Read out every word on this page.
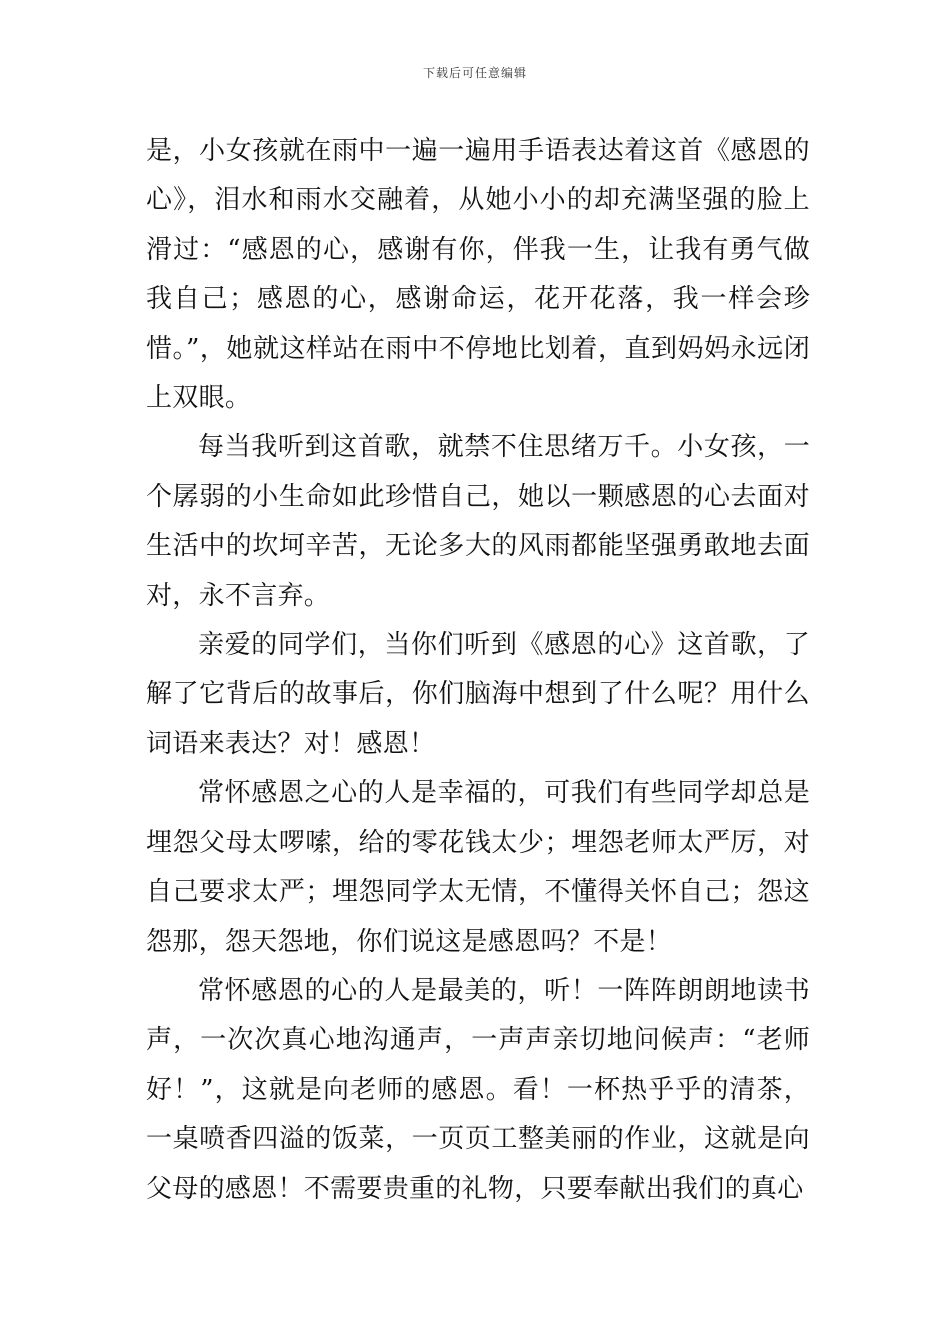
下载后可任意编辑

是，小女孩就在雨中一遍一遍用手语表达着这首《感恩的心》，泪水和雨水交融着，从她小小的却充满坚强的脸上滑过：“感恩的心，感谢有你，伴我一生，让我有勇气做我自己；感恩的心，感谢命运，花开花落，我一样会珍惜。”，她就这样站在雨中不停地比划着，直到妈妈永远闭上双眼。

每当我听到这首歌，就禁不住思绪万千。小女孩，一个孱弱的小生命如此珍惜自己，她以一颗感恩的心去面对生活中的坎坷辛苦，无论多大的风雨都能坚强勇敢地去面对，永不言弃。

亲爱的同学们，当你们听到《感恩的心》这首歌，了解了它背后的故事后，你们脑海中想到了什么呢？用什么词语来表达？对！感恩！

常怀感恩之心的人是幸福的，可我们有些同学却总是埋怨父母太啰嗦，给的零花钱太少；埋怨老师太严厉，对自己要求太严；埋怨同学太无情，不懂得关怀自己；怨这怨那，怨天怨地，你们说这是感恩吗？不是！

常怀感恩的心的人是最美的，听！一阵阵朗朗地读书声，一次次真心地沟通声，一声声亲切地问候声：“老师好！”，这就是向老师的感恩。看！一杯热乎乎的清茶，一桌喷香四溢的饭菜，一页页工整美丽的作业，这就是向父母的感恩！不需要贵重的礼物，只要奉献出我们的真心
